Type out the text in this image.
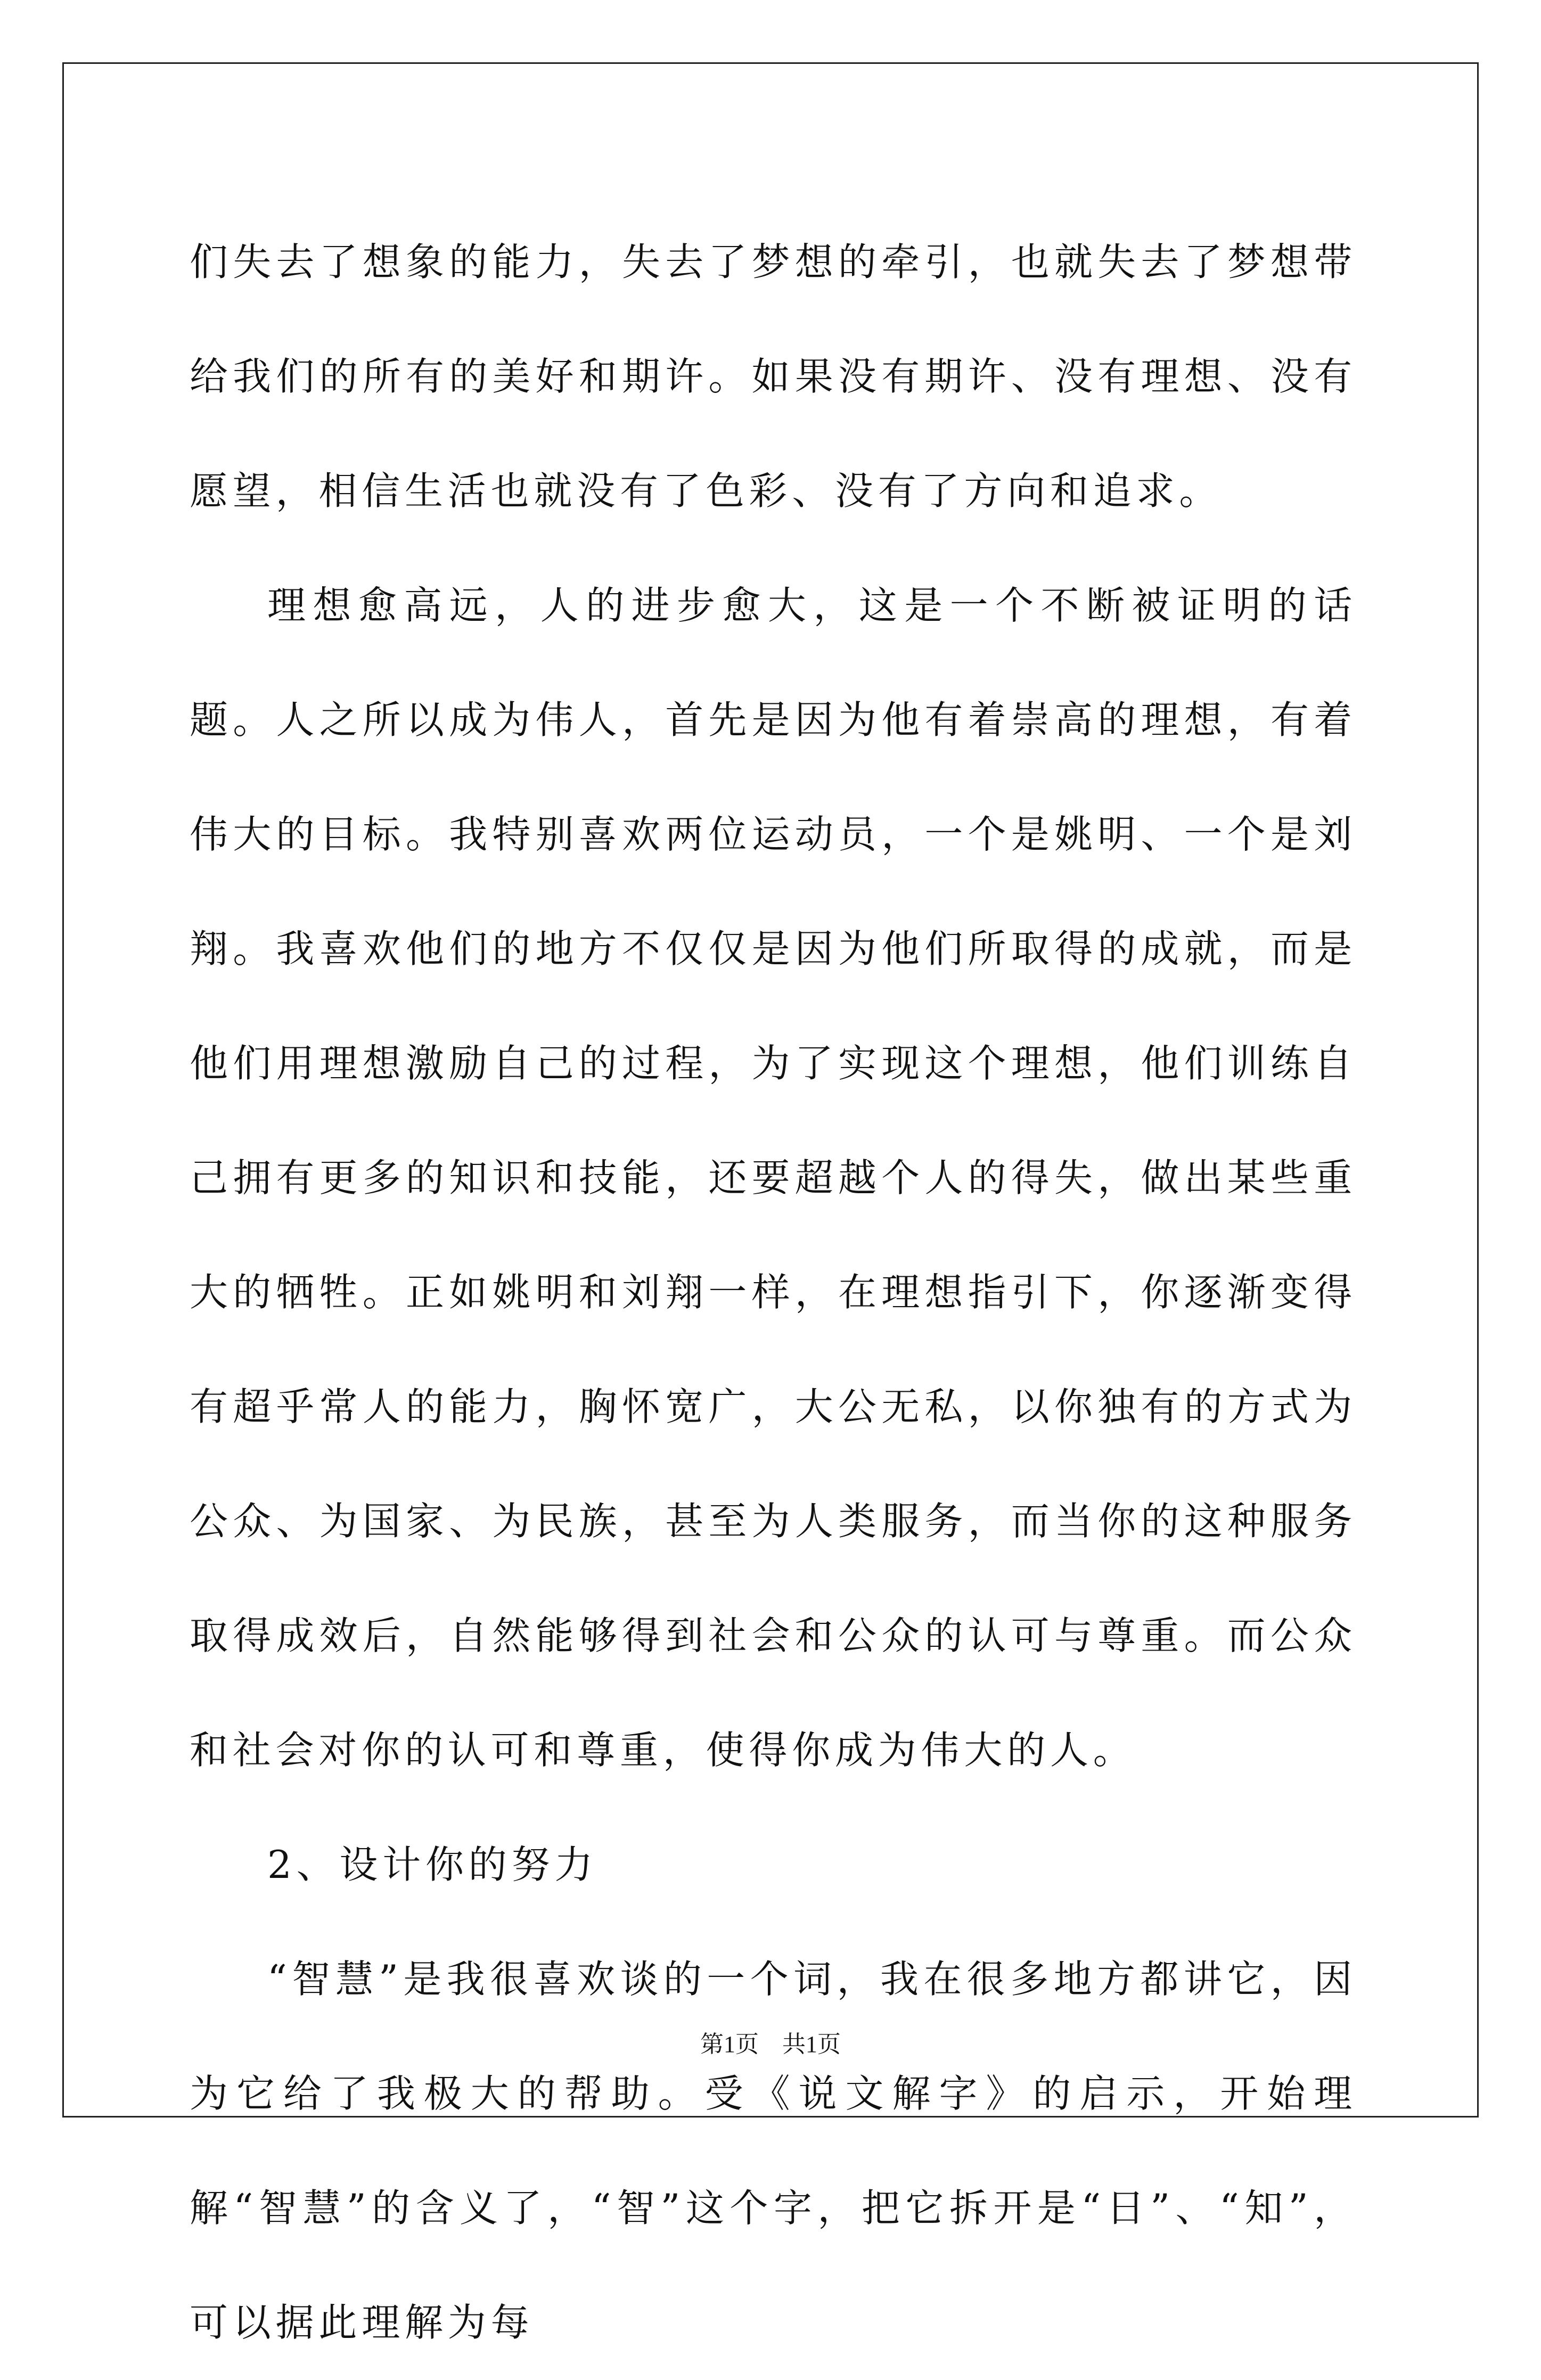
们失去了想象的能力，失去了梦想的牵引，也就失去了梦想带给我们的所有的美好和期许。如果没有期许、没有理想、没有愿望，相信生活也就没有了色彩、没有了方向和追求。

理想愈高远，人的进步愈大，这是一个不断被证明的话题。人之所以成为伟人，首先是因为他有着崇高的理想，有着伟大的目标。我特别喜欢两位运动员，一个是姚明、一个是刘翔。我喜欢他们的地方不仅仅是因为他们所取得的成就，而是他们用理想激励自己的过程，为了实现这个理想，他们训练自己拥有更多的知识和技能，还要超越个人的得失，做出某些重大的牺牲。正如姚明和刘翔一样，在理想指引下，你逐渐变得有超乎常人的能力，胸怀宽广，大公无私，以你独有的方式为公众、为国家、为民族，甚至为人类服务，而当你的这种服务取得成效后，自然能够得到社会和公众的认可与尊重。而公众和社会对你的认可和尊重，使得你成为伟大的人。

2、设计你的努力

“智慧”是我很喜欢谈的一个词，我在很多地方都讲它，因为它给了我极大的帮助。受《说文解字》的启示，开始理解“智慧”的含义了，“智”这个字，把它拆开是“日”、“知”，可以据此理解为每

第1页　共1页
